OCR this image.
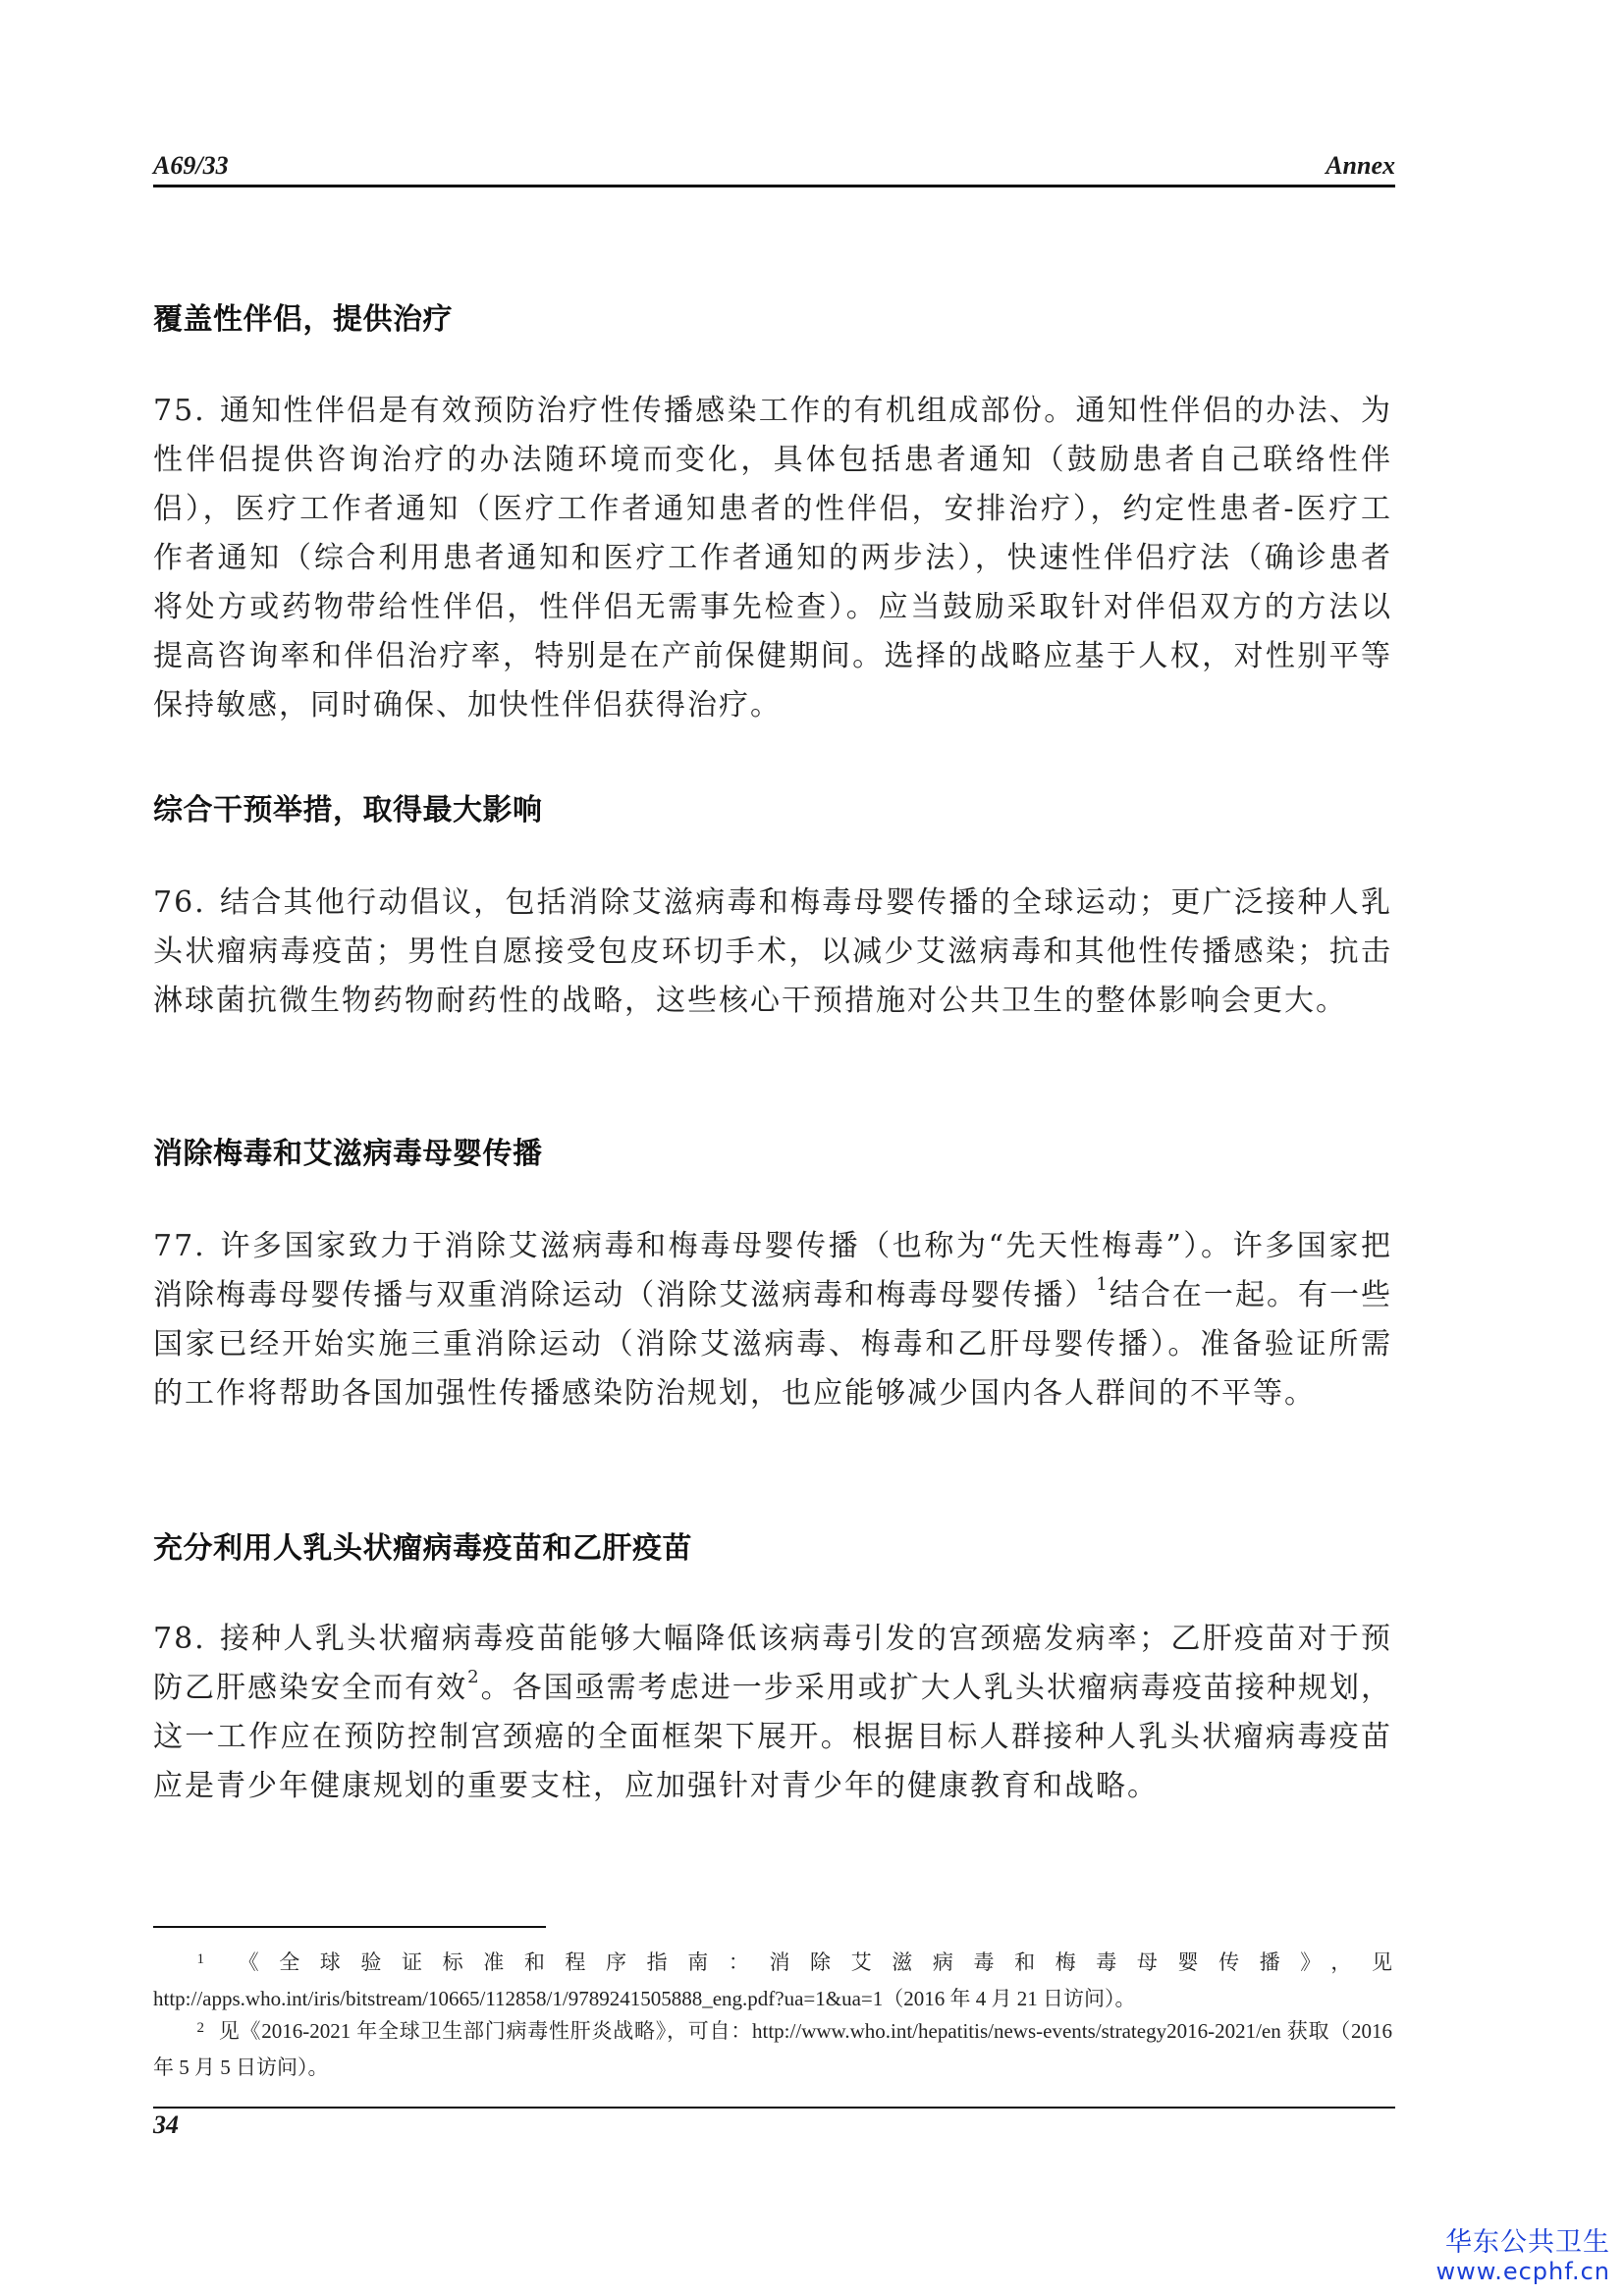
A69/33	Annex
覆盖性伴侣，提供治疗
75. 通知性伴侣是有效预防治疗性传播感染工作的有机组成部份。通知性伴侣的办法、为性伴侣提供咨询治疗的办法随环境而变化，具体包括患者通知（鼓励患者自己联络性伴侣），医疗工作者通知（医疗工作者通知患者的性伴侣，安排治疗），约定性患者-医疗工作者通知（综合利用患者通知和医疗工作者通知的两步法），快速性伴侣疗法（确诊患者将处方或药物带给性伴侣，性伴侣无需事先检查）。应当鼓励采取针对伴侣双方的方法以提高咨询率和伴侣治疗率，特别是在产前保健期间。选择的战略应基于人权，对性别平等保持敏感，同时确保、加快性伴侣获得治疗。
综合干预举措，取得最大影响
76. 结合其他行动倡议，包括消除艾滋病毒和梅毒母婴传播的全球运动；更广泛接种人乳头状瘤病毒疫苗；男性自愿接受包皮环切手术，以减少艾滋病毒和其他性传播感染；抗击淋球菌抗微生物药物耐药性的战略，这些核心干预措施对公共卫生的整体影响会更大。
消除梅毒和艾滋病毒母婴传播
77. 许多国家致力于消除艾滋病毒和梅毒母婴传播（也称为“先天性梅毒”）。许多国家把消除梅毒母婴传播与双重消除运动（消除艾滋病毒和梅毒母婴传播）$^1$结合在一起。有一些国家已经开始实施三重消除运动（消除艾滋病毒、梅毒和乙肝母婴传播）。准备验证所需的工作将帮助各国加强性传播感染防治规划，也应能够减少国内各人群间的不平等。
充分利用人乳头状瘤病毒疫苗和乙肝疫苗
78. 接种人乳头状瘤病毒疫苗能够大幅降低该病毒引发的宫颈癌发病率；乙肝疫苗对于预防乙肝感染安全而有效$^2$。各国亟需考虑进一步采用或扩大人乳头状瘤病毒疫苗接种规划，这一工作应在预防控制宫颈癌的全面框架下展开。根据目标人群接种人乳头状瘤病毒疫苗应是青少年健康规划的重要支柱，应加强针对青少年的健康教育和战略。
1 《全球验证标准和程序指南：消除艾滋病毒和梅毒母婴传播》，见 http://apps.who.int/iris/bitstream/10665/112858/1/9789241505888_eng.pdf?ua=1&ua=1（2016 年 4 月 21 日访问）。
2 见《2016-2021 年全球卫生部门病毒性肝炎战略》，可自：http://www.who.int/hepatitis/news-events/strategy2016-2021/en 获取（2016 年 5 月 5 日访问）。
34
华东公共卫生
www.ecphf.cn
